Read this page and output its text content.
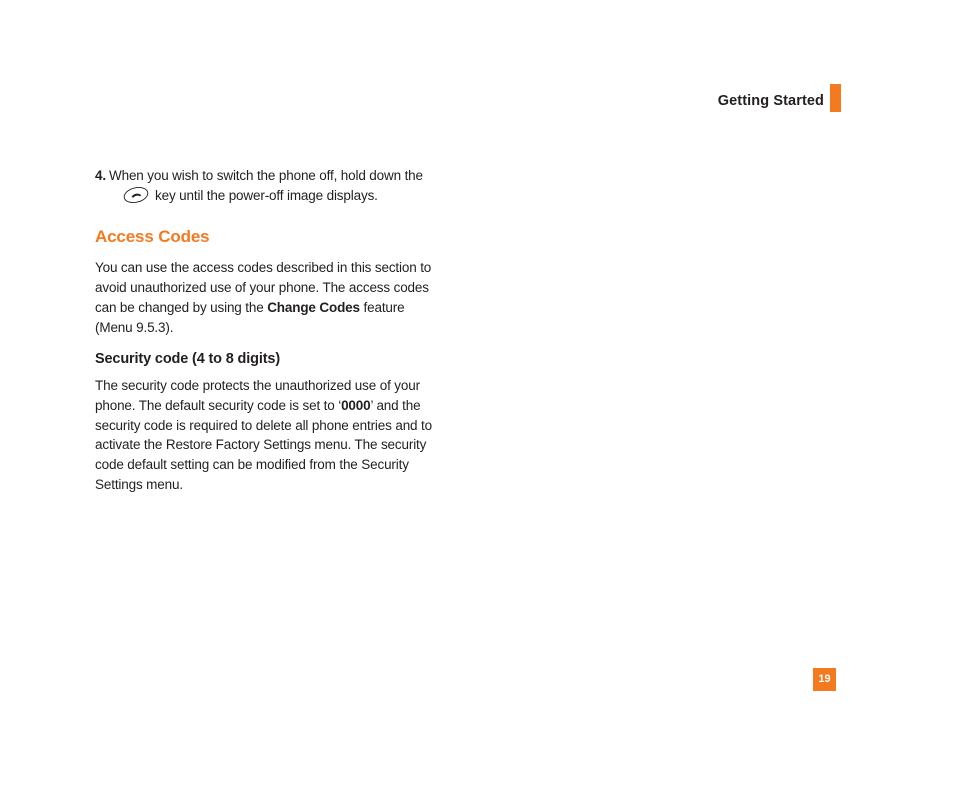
Getting Started
4. When you wish to switch the phone off, hold down thekey until the power-off image displays.
Access Codes

You can use the access codes described in this section to avoid unauthorized use of your phone. The access codes can be changed by using the Change Codes feature (Menu 9.5.3).

Security code (4 to 8 digits)

The security code protects the unauthorized use of your phone. The default security code is set to ‘0000’ and the security code is required to delete all phone entries and to activate the Restore Factory Settings menu. The security code default setting can be modified from the Security Settings menu.

19
